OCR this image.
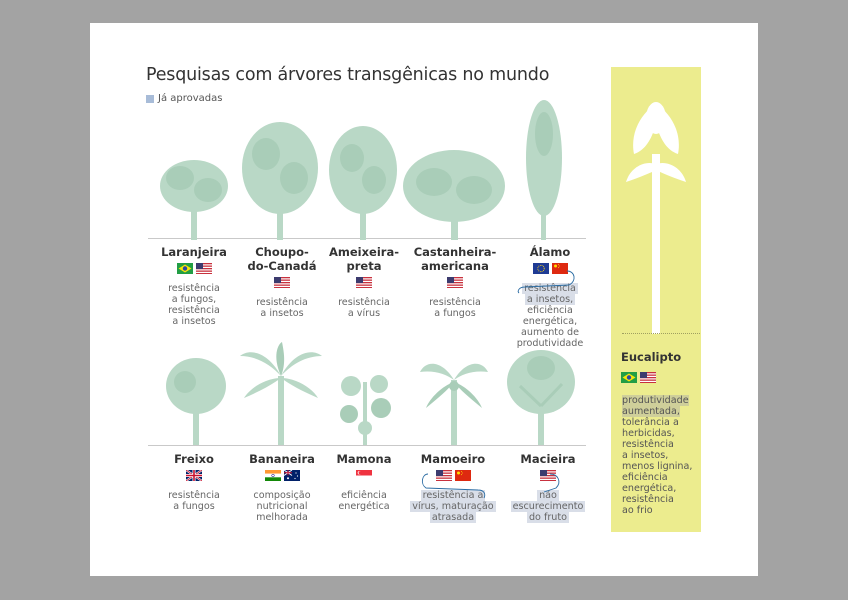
Pesquisas com árvores transgênicas no mundo
Já aprovadas
Laranjeira
resistência
a fungos,
resistência
a insetos
Choupo-
do-Canadá
resistência
a insetos
Ameixeira-
preta
resistência
a vírus
Castanheira-
americana
resistência
a fungos
Álamo
resistência
a insetos,
eficiência
energética,
aumento de
produtividade
Freixo
resistência
a fungos
Bananeira
composição
nutricional
melhorada
Mamona
eficiência
energética
Mamoeiro
resistência a
vírus, maturação
atrasada
Macieira
não
escurecimento
do fruto
Eucalipto
produtividade
aumentada,
tolerância a
herbicidas,
resistência
a insetos,
menos lignina,
eficiência
energética,
resistência
ao frio
